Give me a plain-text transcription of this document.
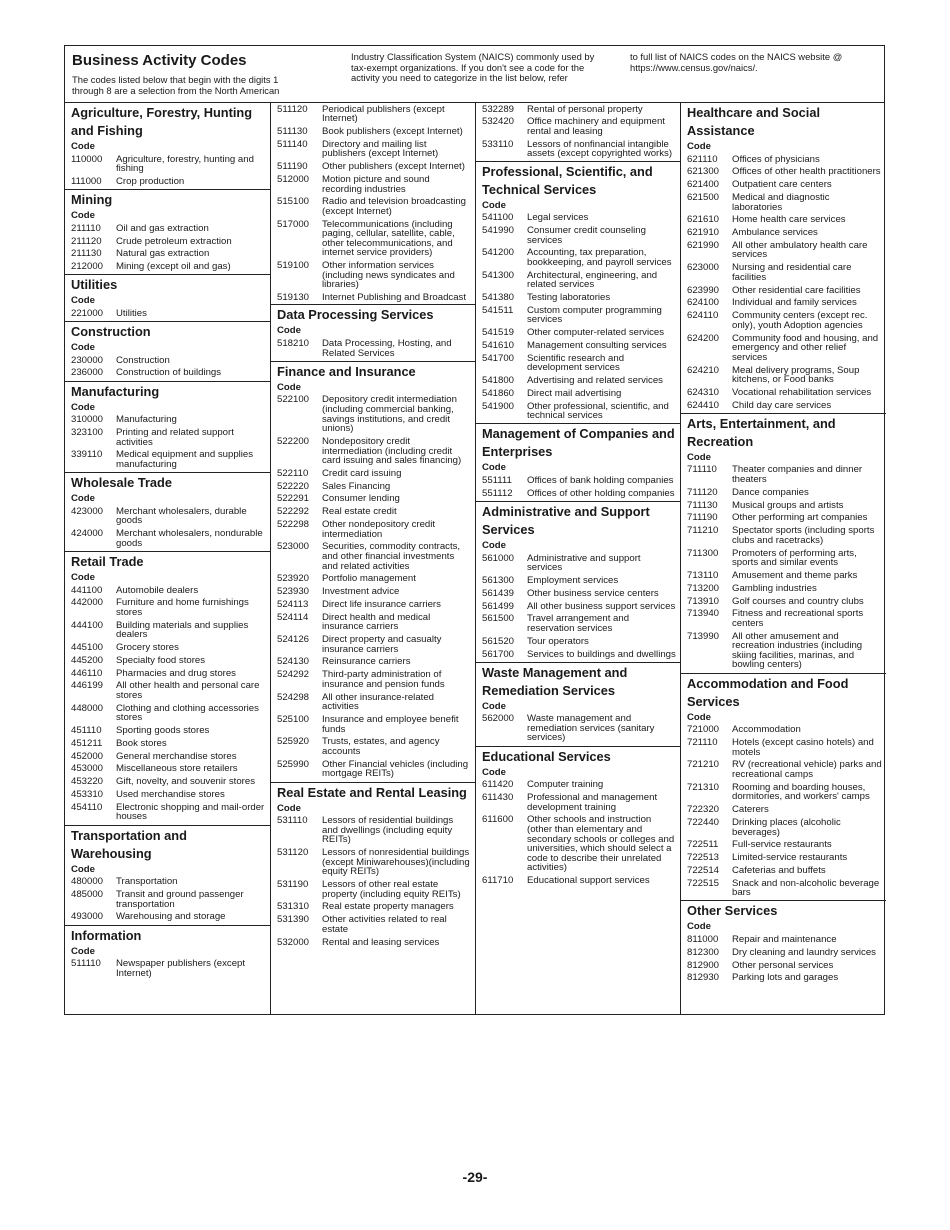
Business Activity Codes
The codes listed below that begin with the digits 1 through 8 are a selection from the North American
Industry Classification System (NAICS) commonly used by tax-exempt organizations. If you don't see a code for the activity you need to categorize in the list below, refer
to full list of NAICS codes on the NAICS website @ https://www.census.gov/naics/.
Agriculture, Forestry, Hunting and Fishing
Code
110000	Agriculture, forestry, hunting and fishing
111000	Crop production
Mining
Code
211110	Oil and gas extraction
211120	Crude petroleum extraction
211130	Natural gas extraction
212000	Mining (except oil and gas)
Utilities
Code
221000	Utilities
Construction
Code
230000	Construction
236000	Construction of buildings
Manufacturing
Code
310000	Manufacturing
323100	Printing and related support activities
339110	Medical equipment and supplies manufacturing
Wholesale Trade
Code
423000	Merchant wholesalers, durable goods
424000	Merchant wholesalers, nondurable goods
Retail Trade
Code
441100	Automobile dealers
442000	Furniture and home furnishings stores
444100	Building materials and supplies dealers
445100	Grocery stores
445200	Specialty food stores
446110	Pharmacies and drug stores
446199	All other health and personal care stores
448000	Clothing and clothing accessories stores
451110	Sporting goods stores
451211	Book stores
452000	General merchandise stores
453000	Miscellaneous store retailers
453220	Gift, novelty, and souvenir stores
453310	Used merchandise stores
454110	Electronic shopping and mail-order houses
Transportation and Warehousing
Code
480000	Transportation
485000	Transit and ground passenger transportation
493000	Warehousing and storage
Information
Code
511110	Newspaper publishers (except Internet)
511120	Periodical publishers (except Internet)
511130	Book publishers (except Internet)
511140	Directory and mailing list publishers (except Internet)
511190	Other publishers (except Internet)
512000	Motion picture and sound recording industries
515100	Radio and television broadcasting (except Internet)
517000	Telecommunications (including paging, cellular, satellite, cable, other telecommunications, and internet service providers)
519100	Other information services (including news syndicates and libraries)
519130	Internet Publishing and Broadcast
Data Processing Services
Code
518210	Data Processing, Hosting, and Related Services
Finance and Insurance
Code
522100	Depository credit intermediation (including commercial banking, savings institutions, and credit unions)
522200	Nondepository credit intermediation (including credit card issuing and sales financing)
522110	Credit card issuing
522220	Sales Financing
522291	Consumer lending
522292	Real estate credit
522298	Other nondepository credit intermediation
523000	Securities, commodity contracts, and other financial investments and related activities
523920	Portfolio management
523930	Investment advice
524113	Direct life insurance carriers
524114	Direct health and medical insurance carriers
524126	Direct property and casualty insurance carriers
524130	Reinsurance carriers
524292	Third-party administration of insurance and pension funds
524298	All other insurance-related activities
525100	Insurance and employee benefit funds
525920	Trusts, estates, and agency accounts
525990	Other Financial vehicles (including mortgage REITs)
Real Estate and Rental Leasing
Code
531110	Lessors of residential buildings and dwellings (including equity REITs)
531120	Lessors of nonresidential buildings (except Miniwarehouses)(including equity REITs)
531190	Lessors of other real estate property (including equity REITs)
531310	Real estate property managers
531390	Other activities related to real estate
532000	Rental and leasing services
532289	Rental of personal property
532420	Office machinery and equipment rental and leasing
533110	Lessors of nonfinancial intangible assets (except copyrighted works)
Professional, Scientific, and Technical Services
Code
541100	Legal services
541990	Consumer credit counseling services
541200	Accounting, tax preparation, bookkeeping, and payroll services
541300	Architectural, engineering, and related services
541380	Testing laboratories
541511	Custom computer programming services
541519	Other computer-related services
541610	Management consulting services
541700	Scientific research and development services
541800	Advertising and related services
541860	Direct mail advertising
541900	Other professional, scientific, and technical services
Management of Companies and Enterprises
Code
551111	Offices of bank holding companies
551112	Offices of other holding companies
Administrative and Support Services
Code
561000	Administrative and support services
561300	Employment services
561439	Other business service centers
561499	All other business support services
561500	Travel arrangement and reservation services
561520	Tour operators
561700	Services to buildings and dwellings
Waste Management and Remediation Services
Code
562000	Waste management and remediation services (sanitary services)
Educational Services
Code
611420	Computer training
611430	Professional and management development training
611600	Other schools and instruction (other than elementary and secondary schools or colleges and universities, which should select a code to describe their unrelated activities)
611710	Educational support services
Healthcare and Social Assistance
Code
621110	Offices of physicians
621300	Offices of other health practitioners
621400	Outpatient care centers
621500	Medical and diagnostic laboratories
621610	Home health care services
621910	Ambulance services
621990	All other ambulatory health care services
623000	Nursing and residential care facilities
623990	Other residential care facilities
624100	Individual and family services
624110	Community centers (except rec. only), youth Adoption agencies
624200	Community food and housing, and emergency and other relief services
624210	Meal delivery programs, Soup kitchens, or Food banks
624310	Vocational rehabilitation services
624410	Child day care services
Arts, Entertainment, and Recreation
Code
711110	Theater companies and dinner theaters
711120	Dance companies
711130	Musical groups and artists
711190	Other performing art companies
711210	Spectator sports (including sports clubs and racetracks)
711300	Promoters of performing arts, sports and similar events
713110	Amusement and theme parks
713200	Gambling industries
713910	Golf courses and country clubs
713940	Fitness and recreational sports centers
713990	All other amusement and recreation industries (including skiing facilities, marinas, and bowling centers)
Accommodation and Food Services
Code
721000	Accommodation
721110	Hotels (except casino hotels) and motels
721210	RV (recreational vehicle) parks and recreational camps
721310	Rooming and boarding houses, dormitories, and workers' camps
722320	Caterers
722440	Drinking places (alcoholic beverages)
722511	Full-service restaurants
722513	Limited-service restaurants
722514	Cafeterias and buffets
722515	Snack and non-alcoholic beverage bars
Other Services
Code
811000	Repair and maintenance
812300	Dry cleaning and laundry services
812900	Other personal services
812930	Parking lots and garages
-29-
